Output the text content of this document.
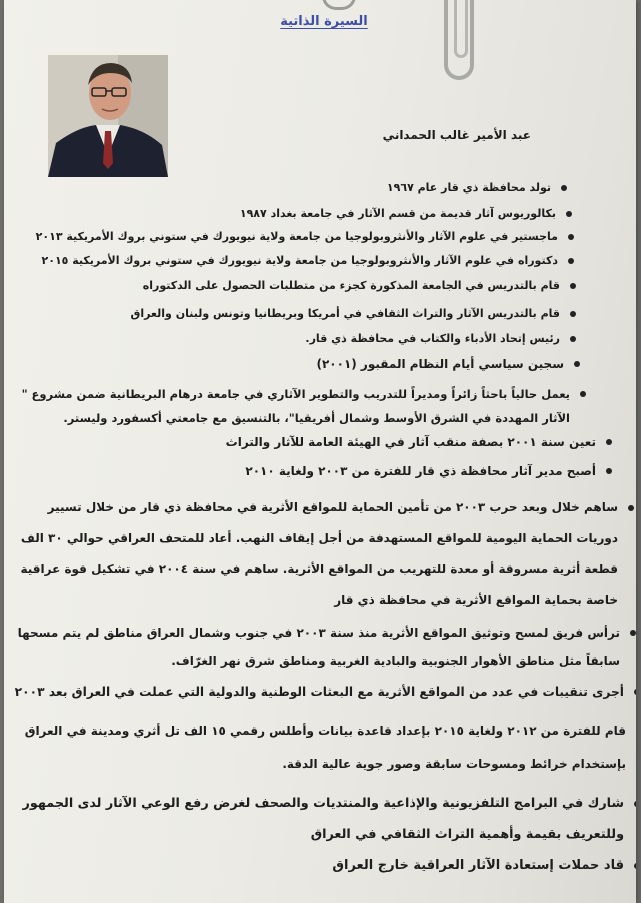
السيرة الذاتية
عبد الأمير غالب الحمداني
تولد محافظة ذي قار عام ١٩٦٧
بكالوريوس آثار قديمة من قسم الآثار في جامعة بغداد ١٩٨٧
ماجستير في علوم الآثار والأنثروبولوجيا من جامعة ولاية نيويورك في ستوني بروك الأمريكية ٢٠١٣
دكتوراه في علوم الآثار والأنثروبولوجيا من جامعة ولاية نيويورك في ستوني بروك الأمريكية ٢٠١٥
قام بالتدريس في الجامعة المذكورة كجزء من متطلبات الحصول على الدكتوراه
قام بالتدريس الآثار والتراث الثقافي في أمريكا وبريطانيا وتونس ولبنان والعراق
رئيس إتحاد الأدباء والكتاب في محافظة ذي قار.
سجين سياسي أيام النظام المقبور (٢٠٠١)
يعمل حالياً باحثاً زائراً ومديراً للتدريب والتطوير الآثاري في جامعة درهام البريطانية ضمن مشروع "
الآثار المهددة في الشرق الأوسط وشمال أفريقيا"، بالتنسيق مع جامعتي أكسفورد وليستر.
تعين سنة ٢٠٠١ بصفة منقب آثار في الهيئة العامة للآثار والتراث
أصبح مدير آثار محافظة ذي قار للفترة من ٢٠٠٣ ولغاية ٢٠١٠
ساهم خلال وبعد حرب ٢٠٠٣ من تأمين الحماية للمواقع الأثرية في محافظة ذي قار من خلال تسيير
دوريات الحماية اليومية للمواقع المستهدفة من أجل إيقاف النهب. أعاد للمتحف العراقي حوالي ٣٠ الف
قطعة أثرية مسروقة أو معدة للتهريب من المواقع الأثرية. ساهم في سنة ٢٠٠٤ في تشكيل قوة عراقية
خاصة بحماية المواقع الأثرية في محافظة ذي قار
ترأس فريق لمسح وتوثيق المواقع الأثرية منذ سنة ٢٠٠٣ في جنوب وشمال العراق مناطق لم يتم مسحها
سابقاً مثل مناطق الأهوار الجنوبية والبادية الغربية ومناطق شرق نهر الغرّاف.
أجرى تنقيبات في عدد من المواقع الأثرية مع البعثات الوطنية والدولية التي عملت في العراق بعد ٢٠٠٣
قام للفترة من ٢٠١٢ ولغاية ٢٠١٥ بإعداد قاعدة بيانات وأطلس رقمي ١٥ الف تل أثري ومدينة في العراق
بإستخدام خرائط ومسوحات سابقة وصور جوية عالية الدقة.
شارك في البرامج التلفزيونية والإذاعية والمنتديات والصحف لغرض رفع الوعي الآثار لدى الجمهور
وللتعريف بقيمة وأهمية التراث الثقافي في العراق
قاد حملات إستعادة الآثار العراقية خارج العراق
